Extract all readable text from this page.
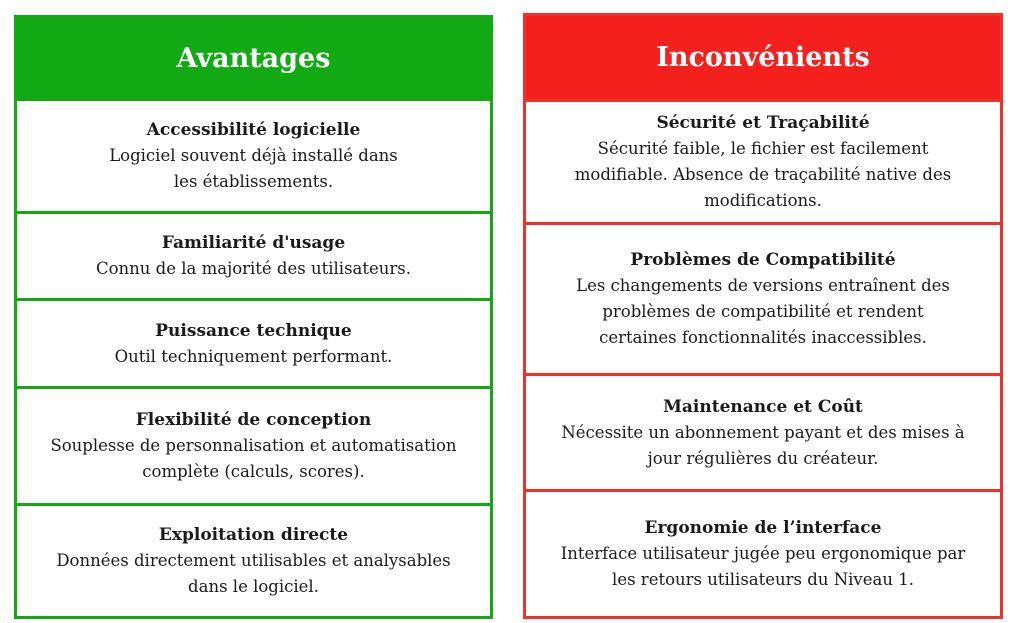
Avantages
Accessibilité logicielle
Logiciel souvent déjà installé dans les établissements.
Familiarité d'usage
Connu de la majorité des utilisateurs.
Puissance technique
Outil techniquement performant.
Flexibilité de conception
Souplesse de personnalisation et automatisation complète (calculs, scores).
Exploitation directe
Données directement utilisables et analysables dans le logiciel.
Inconvénients
Sécurité et Traçabilité
Sécurité faible, le fichier est facilement modifiable. Absence de traçabilité native des modifications.
Problèmes de Compatibilité
Les changements de versions entraînent des problèmes de compatibilité et rendent certaines fonctionnalités inaccessibles.
Maintenance et Coût
Nécessite un abonnement payant et des mises à jour régulières du créateur.
Ergonomie de l’interface
Interface utilisateur jugée peu ergonomique par les retours utilisateurs du Niveau 1.
